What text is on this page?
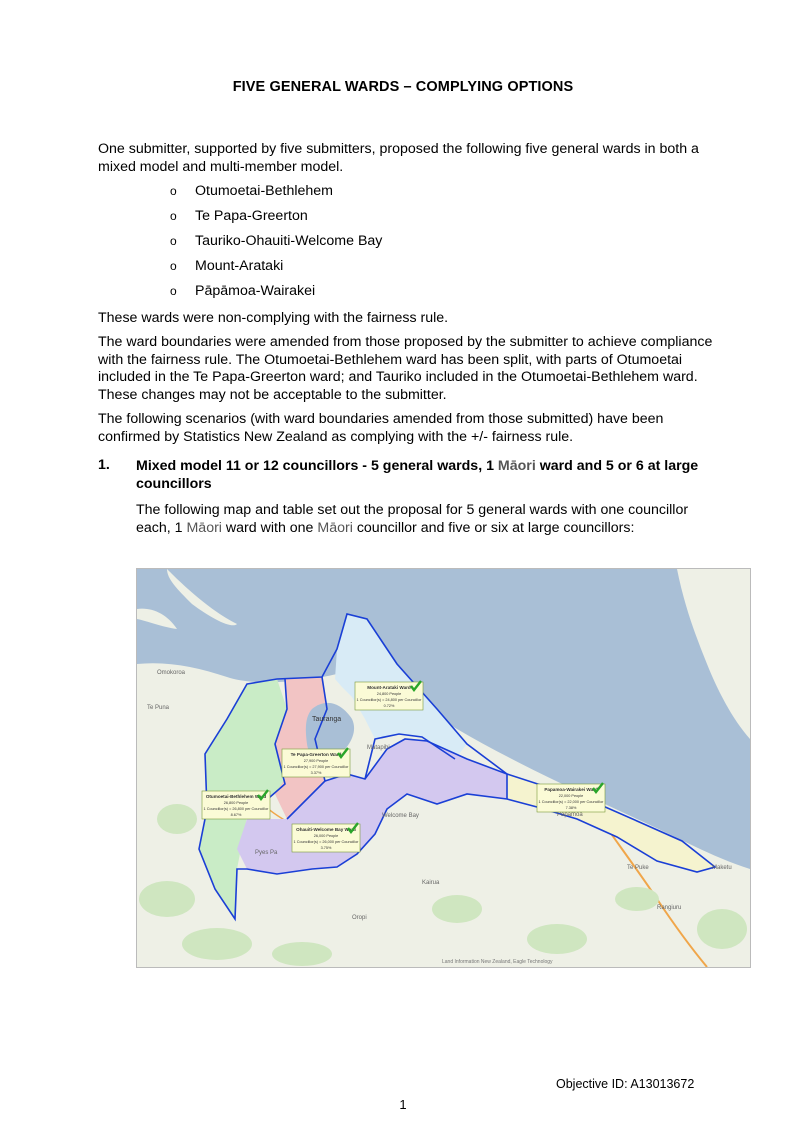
FIVE GENERAL WARDS – COMPLYING OPTIONS
One submitter, supported by five submitters, proposed the following five general wards in both a mixed model and multi-member model.
o Otumoetai-Bethlehem
o Te Papa-Greerton
o Tauriko-Ohauiti-Welcome Bay
o Mount-Arataki
o Pāpāmoa-Wairakei
These wards were non-complying with the fairness rule.
The ward boundaries were amended from those proposed by the submitter to achieve compliance with the fairness rule. The Otumoetai-Bethlehem ward has been split, with parts of Otumoetai included in the Te Papa-Greerton ward; and Tauriko included in the Otumoetai-Bethlehem ward. These changes may not be acceptable to the submitter.
The following scenarios (with ward boundaries amended from those submitted) have been confirmed by Statistics New Zealand as complying with the +/- fairness rule.
1. Mixed model 11 or 12 councillors - 5 general wards, 1 Māori ward and 5 or 6 at large councillors
The following map and table set out the proposal for 5 general wards with one councillor each, 1 Māori ward with one Māori councillor and five or six at large councillors:
Tauranga
Papamoa
Matapihi
Welcome Bay
Pyes Pa
Te Puna
Omokoroa
Kairua
Te Puke	Maketu
Rangiuru
Oropi
Mount-Arataki Ward
24,800 People
1 Councillor(s) = 24,800 per Councillor
0.72%
Te Papa-Greerton Ward
27,900 People
1 Councillor(s) = 27,900 per Councillor
3.37%
Otumoetai-Bethlehem Ward
26,800 People
1 Councillor(s) = 26,800 per Councillor
8.67%
Papamoa-Wairakei Ward
22,000 People
1 Councillor(s) = 22,000 per Councillor
7.38%
Ohauiti-Welcome Bay Ward
26,000 People
1 Councillor(s) = 26,000 per Councillor
3.75%
Land Information New Zealand, Eagle Technology
Objective ID: A13013672
1
